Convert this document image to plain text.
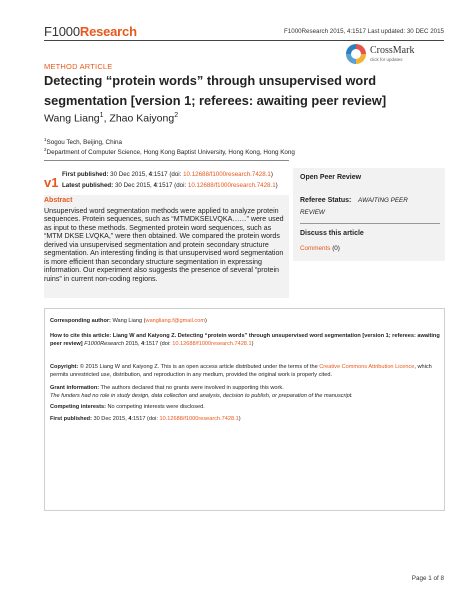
F1000Research	F1000Research 2015, 4:1517 Last updated: 30 DEC 2015
CrossMark
click for updates
METHOD ARTICLE
Detecting “protein words” through unsupervised word segmentation [version 1; referees: awaiting peer review]
Wang Liang$^1$, Zhao Kaiyong$^2$
$^1$Sogou Tech, Beijing, China
$^2$Department of Computer Science, Hong Kong Baptist University, Hong Kong, Hong Kong
v1
First published: 30 Dec 2015, 4:1517 (doi: 10.12688/f1000research.7428.1)
Latest published: 30 Dec 2015, 4:1517 (doi: 10.12688/f1000research.7428.1)
Abstract
Unsupervised word segmentation methods were applied to analyze protein sequences. Protein sequences, such as “MTMDKSELVQKA……” were used as input to these methods. Segmented protein word sequences, such as “MTM DKSE LVQKA,” were then obtained. We compared the protein words derived via unsupervised segmentation and protein secondary structure segmentation. An interesting finding is that unsupervised word segmentation is more efficient than secondary structure segmentation in expressing information. Our experiment also suggests the presence of several “protein ruins” in current non-coding regions.
Open Peer Review
Referee Status: AWAITING PEER
REVIEW
Discuss this article
Comments (0)
Corresponding author: Wang Liang (wangliang.f@gmail.com)
How to cite this article: Liang W and Kaiyong Z. Detecting “protein words” through unsupervised word segmentation [version 1; referees: awaiting peer review] F1000Research 2015, 4:1517 (doi: 10.12688/f1000research.7428.1)
Copyright: © 2015 Liang W and Kaiyong Z. This is an open access article distributed under the terms of the Creative Commons Attribution Licence, which permits unrestricted use, distribution, and reproduction in any medium, provided the original work is properly cited.
Grant information: The authors declared that no grants were involved in supporting this work.
The funders had no role in study design, data collection and analysis, decision to publish, or preparation of the manuscript.
Competing interests: No competing interests were disclosed.
First published: 30 Dec 2015, 4:1517 (doi: 10.12688/f1000research.7428.1)
Page 1 of 8
